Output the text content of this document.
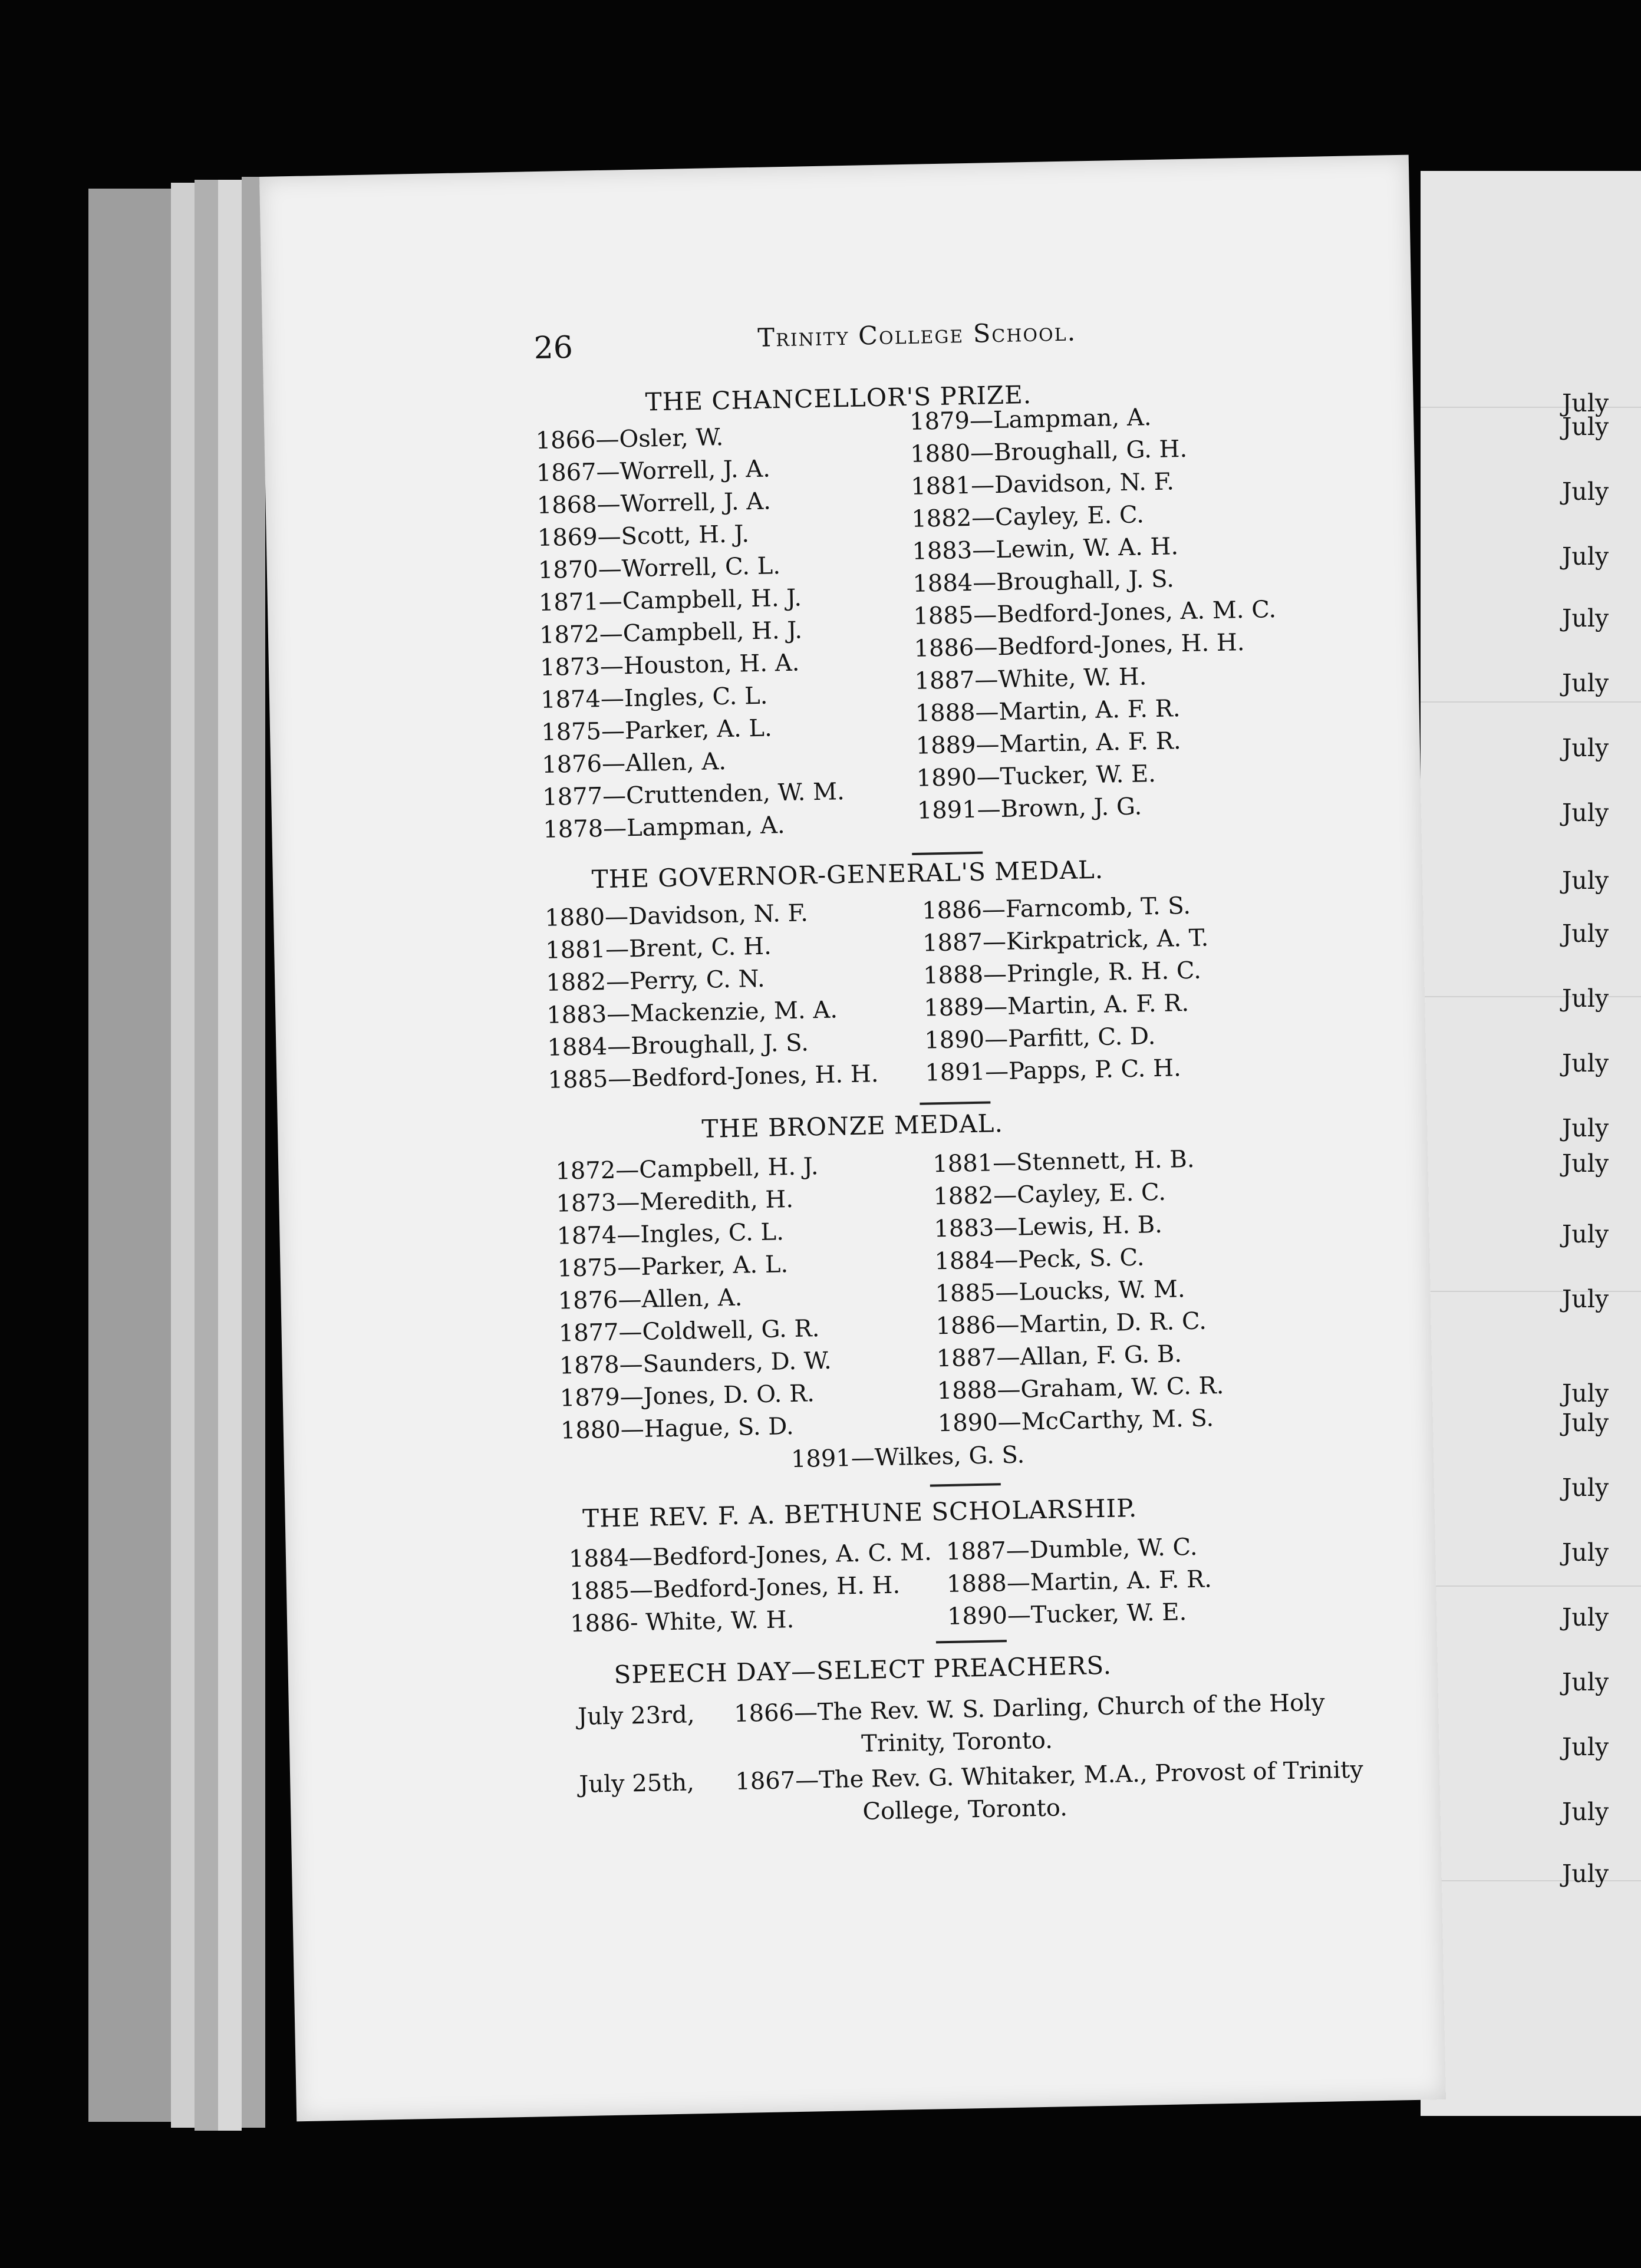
July
July
July
July
July
July
July
July
July
July
July
July
July
July
July
July
July
July
July
July
July
July
July
July
July
26	Trinity College School.
THE CHANCELLOR'S PRIZE.
1866—Osler, W.
1867—Worrell, J. A.
1868—Worrell, J. A.
1869—Scott, H. J.
1870—Worrell, C. L.
1871—Campbell, H. J.
1872—Campbell, H. J.
1873—Houston, H. A.
1874—Ingles, C. L.
1875—Parker, A. L.
1876—Allen, A.
1877—Cruttenden, W. M.
1878—Lampman, A.
1879—Lampman, A.
1880—Broughall, G. H.
1881—Davidson, N. F.
1882—Cayley, E. C.
1883—Lewin, W. A. H.
1884—Broughall, J. S.
1885—Bedford-Jones, A. M. C.
1886—Bedford-Jones, H. H.
1887—White, W. H.
1888—Martin, A. F. R.
1889—Martin, A. F. R.
1890—Tucker, W. E.
1891—Brown, J. G.
THE GOVERNOR-GENERAL'S MEDAL.
1880—Davidson, N. F.
1881—Brent, C. H.
1882—Perry, C. N.
1883—Mackenzie, M. A.
1884—Broughall, J. S.
1885—Bedford-Jones, H. H.
1886—Farncomb, T. S.
1887—Kirkpatrick, A. T.
1888—Pringle, R. H. C.
1889—Martin, A. F. R.
1890—Parfitt, C. D.
1891—Papps, P. C. H.
THE BRONZE MEDAL.
1872—Campbell, H. J.
1873—Meredith, H.
1874—Ingles, C. L.
1875—Parker, A. L.
1876—Allen, A.
1877—Coldwell, G. R.
1878—Saunders, D. W.
1879—Jones, D. O. R.
1880—Hague, S. D.
1881—Stennett, H. B.
1882—Cayley, E. C.
1883—Lewis, H. B.
1884—Peck, S. C.
1885—Loucks, W. M.
1886—Martin, D. R. C.
1887—Allan, F. G. B.
1888—Graham, W. C. R.
1890—McCarthy, M. S.
1891—Wilkes, G. S.
THE REV. F. A. BETHUNE SCHOLARSHIP.
1884—Bedford-Jones, A. C. M.
1885—Bedford-Jones, H. H.
1886- White, W. H.
1887—Dumble, W. C.
1888—Martin, A. F. R.
1890—Tucker, W. E.
SPEECH DAY—SELECT PREACHERS.
July 23rd, 1866—The Rev. W. S. Darling, Church of the Holy
Trinity, Toronto.
July 25th, 1867—The Rev. G. Whitaker, M.A., Provost of Trinity
College, Toronto.
